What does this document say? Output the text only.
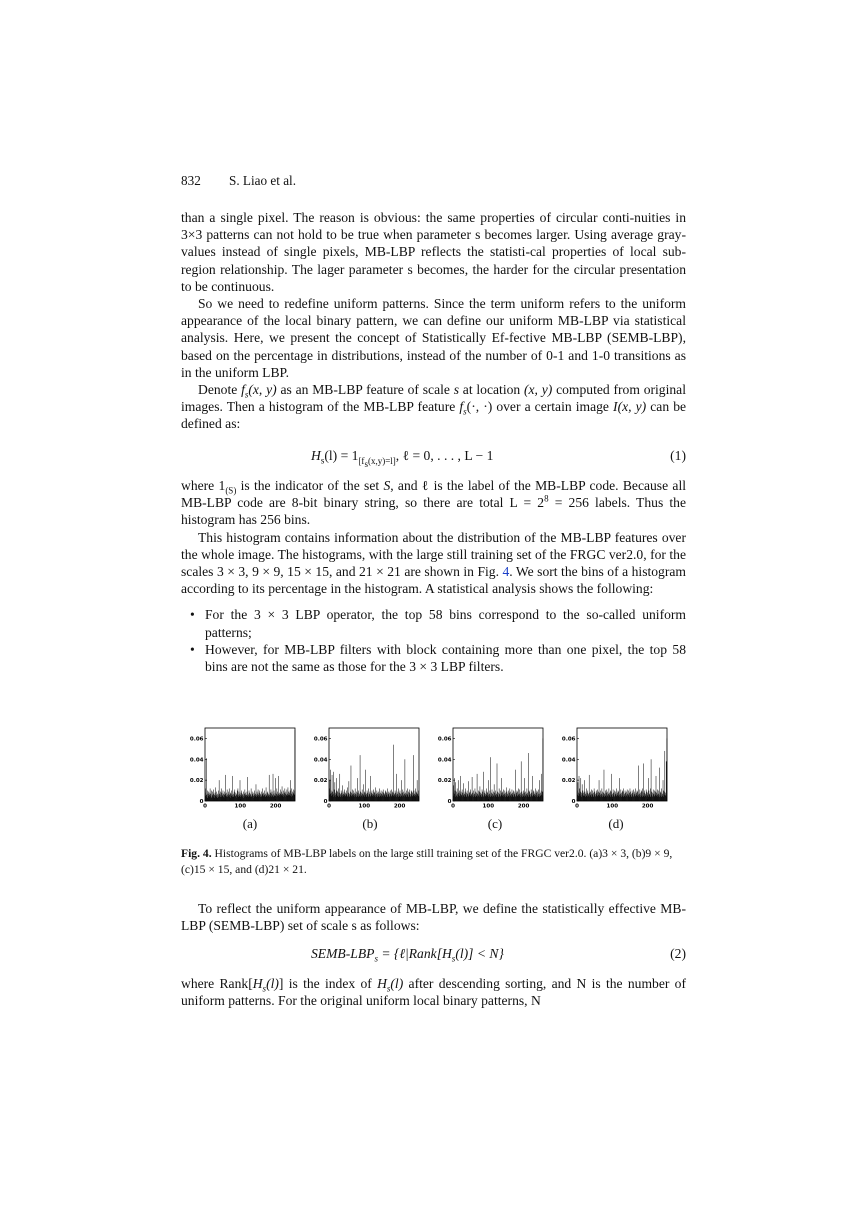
832 S. Liao et al.

than a single pixel. The reason is obvious: the same properties of circular conti-nuities in 3×3 patterns can not hold to be true when parameter s becomes larger. Using average gray-values instead of single pixels, MB-LBP reflects the statisti-cal properties of local sub-region relationship. The lager parameter s becomes, the harder for the circular presentation to be continuous.

So we need to redefine uniform patterns. Since the term uniform refers to the uniform appearance of the local binary pattern, we can define our uniform MB-LBP via statistical analysis. Here, we present the concept of Statistically Ef-fective MB-LBP (SEMB-LBP), based on the percentage in distributions, instead of the number of 0-1 and 1-0 transitions as in the uniform LBP.

Denote $f_s(x$, y) as an MB-LBP feature of scale s at location (x, y) computed from original images. Then a histogram of the MB-LBP feature $f_s(\cdot$, ·) over a certain image I(x, y) can be defined as:

$H_s(l) = 1_{[f_s(x,y)=l]}$, ℓ = 0, . . . , L − 1	(1)

where $1_{(S)}$ is the indicator of the set S, and ℓ is the label of the MB-LBP code. Because all MB-LBP code are 8-bit binary string, so there are total $L = 2^8 = 256$ labels. Thus the histogram has 256 bins.

This histogram contains information about the distribution of the MB-LBP features over the whole image. The histograms, with the large still training set of the FRGC ver2.0, for the scales 3 × 3, 9 × 9, 15 × 15, and 21 × 21 are shown in Fig. 4. We sort the bins of a histogram according to its percentage in the histogram. A statistical analysis shows the following:

• For the 3 × 3 LBP operator, the top 58 bins correspond to the so-called uniform patterns;
• However, for MB-LBP filters with block containing more than one pixel, the top 58 bins are not the same as those for the 3 × 3 LBP filters.
0
0.02
0.04
0.06
0	100	200
0
0.02
0.04
0.06
0	100	200
0
0.02
0.04
0.06
0	100	200
0
0.02
0.04
0.06
0	100	200
(a)	(b)	(c)	(d)
Fig. 4. Histograms of MB-LBP labels on the large still training set of the FRGC ver2.0. (a)3 × 3, (b)9 × 9, (c)15 × 15, and (d)21 × 21.

To reflect the uniform appearance of MB-LBP, we define the statistically effective MB-LBP (SEMB-LBP) set of scale s as follows:

SEMB-$LBP_s$ = $\{\ell|Rank[H_s(l)] < N\}$	(2)

where $Rank[H_s(l)]$ is the index of $H_s(l)$ after descending sorting, and N is the number of uniform patterns. For the original uniform local binary patterns, N
